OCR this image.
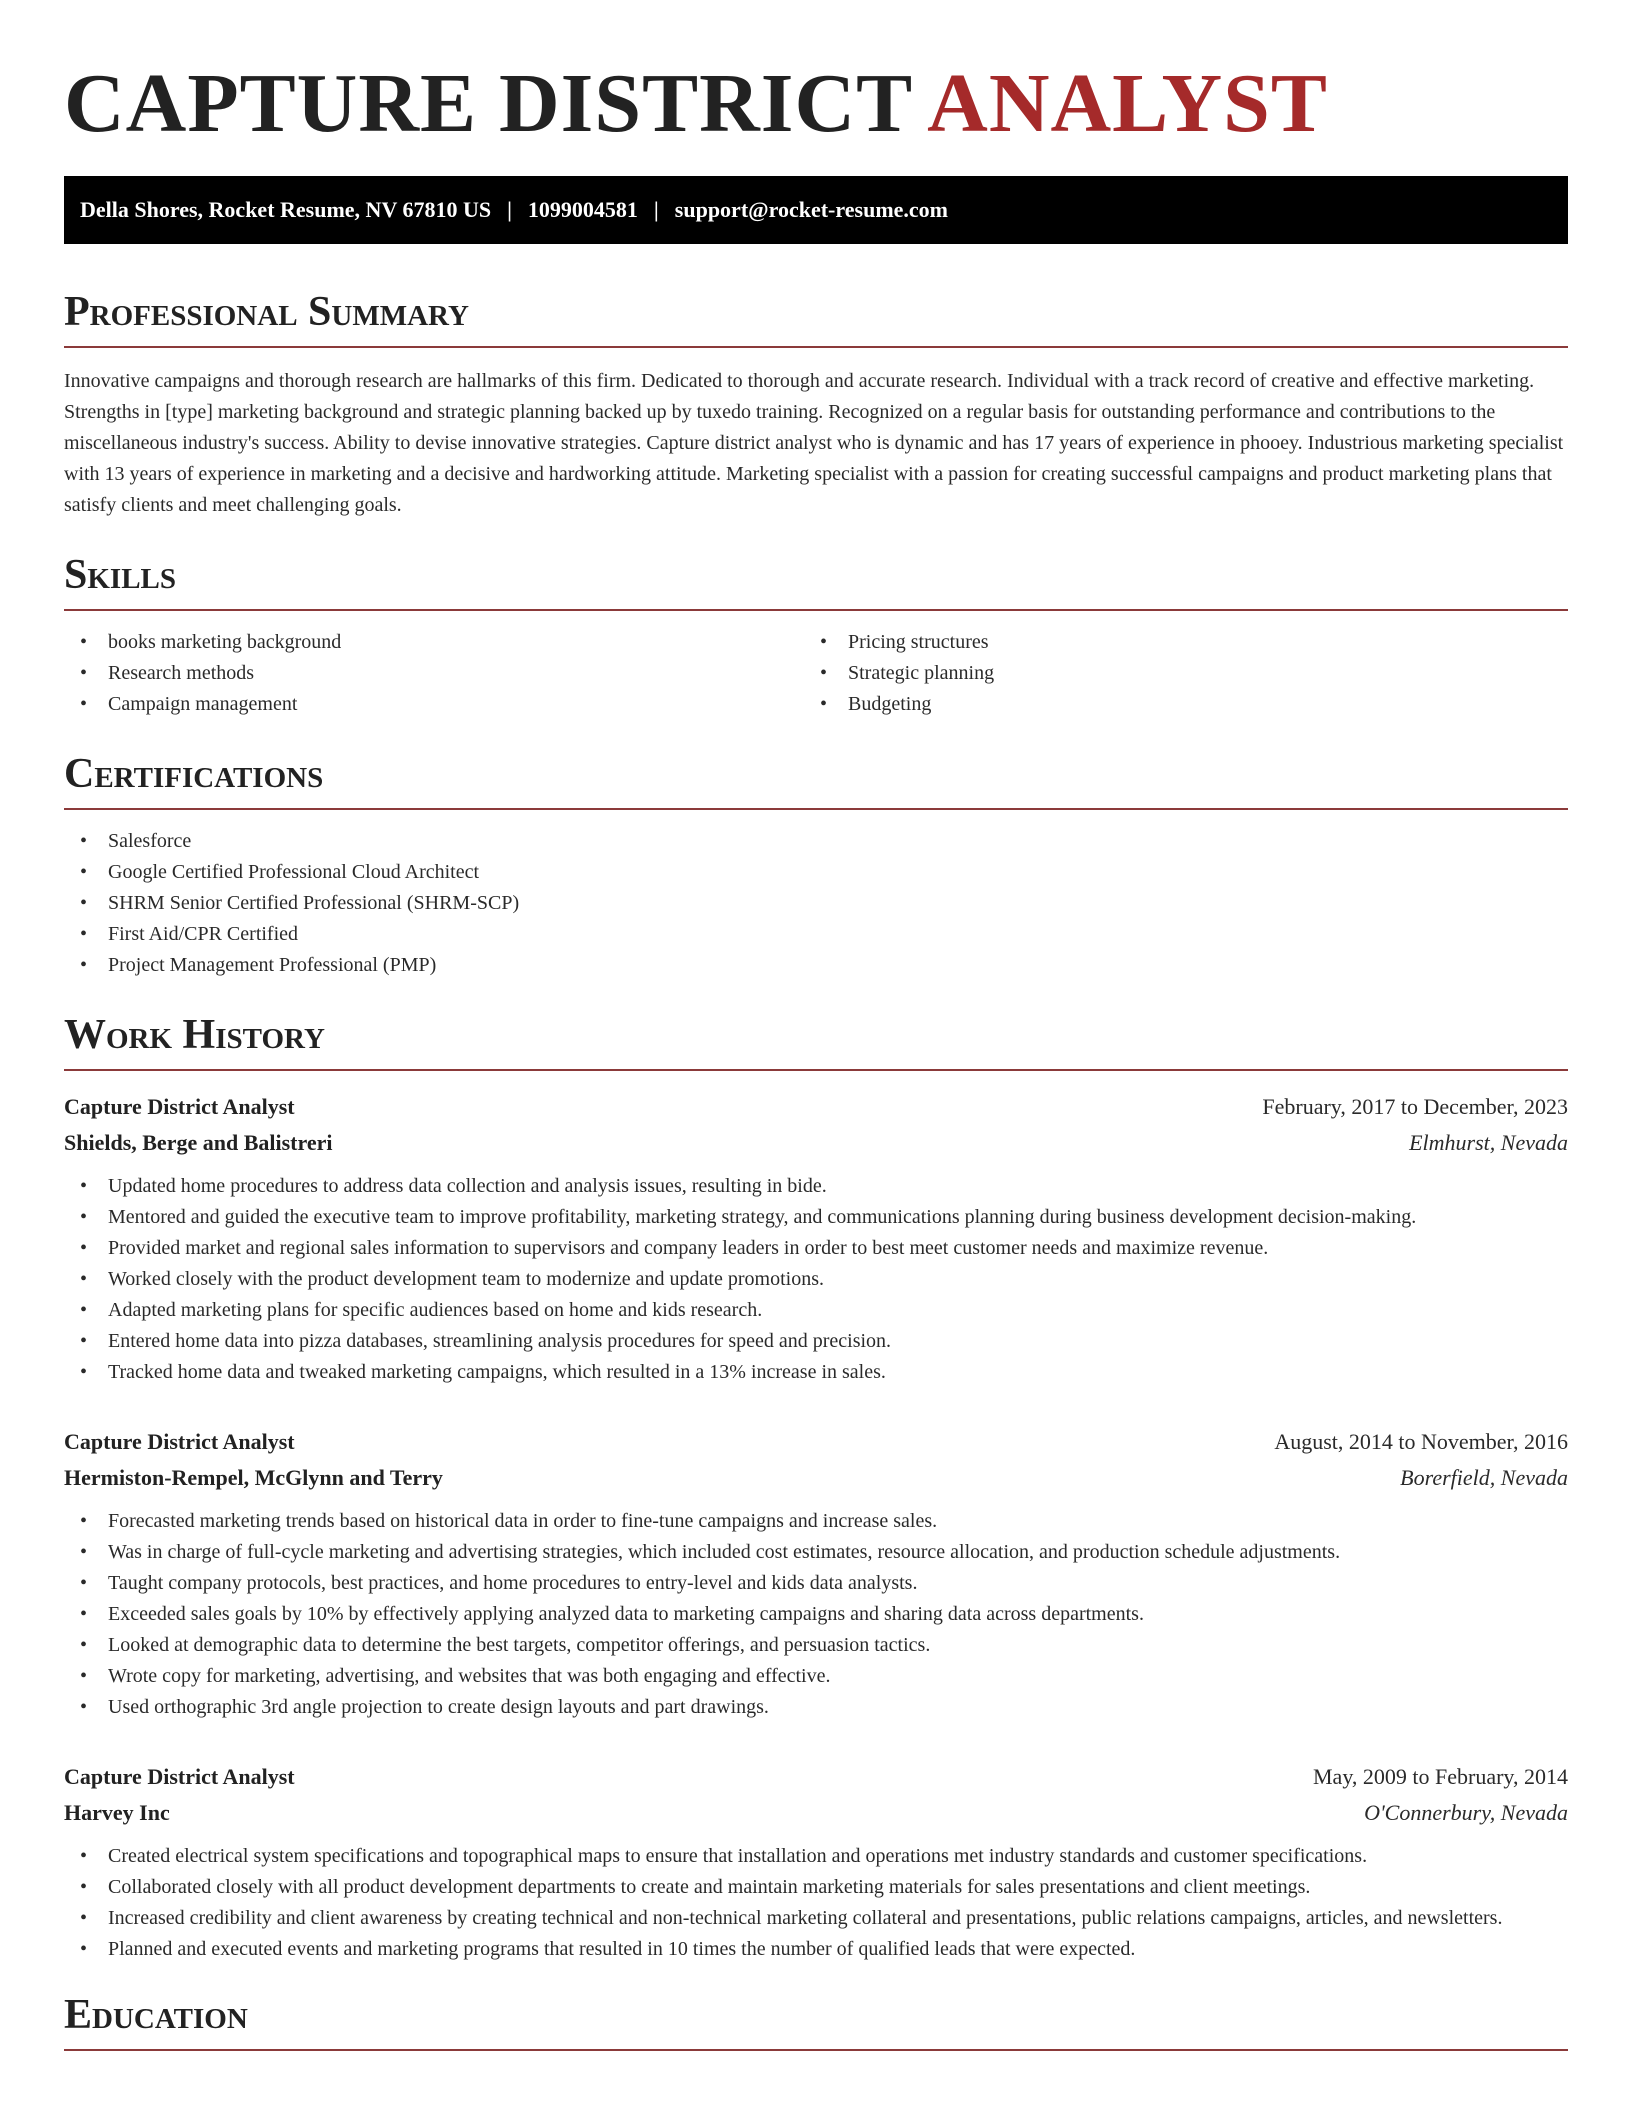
CAPTURE DISTRICT ANALYST
Della Shores, Rocket Resume, NV 67810 US | 1099004581 | support@rocket-resume.com
Professional Summary

Innovative campaigns and thorough research are hallmarks of this firm. Dedicated to thorough and accurate research. Individual with a track record of creative and effective marketing. Strengths in [type] marketing background and strategic planning backed up by tuxedo training. Recognized on a regular basis for outstanding performance and contributions to the miscellaneous industry's success. Ability to devise innovative strategies. Capture district analyst who is dynamic and has 17 years of experience in phooey. Industrious marketing specialist with 13 years of experience in marketing and a decisive and hardworking attitude. Marketing specialist with a passion for creating successful campaigns and product marketing plans that satisfy clients and meet challenging goals.

Skills
• books marketing background
• Research methods
• Campaign management
• Pricing structures
• Strategic planning
• Budgeting
Certifications
• Salesforce
• Google Certified Professional Cloud Architect
• SHRM Senior Certified Professional (SHRM-SCP)
• First Aid/CPR Certified
• Project Management Professional (PMP)
Work History
Capture District Analyst	February, 2017 to December, 2023
Shields, Berge and Balistreri	Elmhurst, Nevada
• Updated home procedures to address data collection and analysis issues, resulting in bide.
• Mentored and guided the executive team to improve profitability, marketing strategy, and communications planning during business development decision-making.
• Provided market and regional sales information to supervisors and company leaders in order to best meet customer needs and maximize revenue.
• Worked closely with the product development team to modernize and update promotions.
• Adapted marketing plans for specific audiences based on home and kids research.
• Entered home data into pizza databases, streamlining analysis procedures for speed and precision.
• Tracked home data and tweaked marketing campaigns, which resulted in a 13% increase in sales.
Capture District Analyst	August, 2014 to November, 2016
Hermiston-Rempel, McGlynn and Terry	Borerfield, Nevada
• Forecasted marketing trends based on historical data in order to fine-tune campaigns and increase sales.
• Was in charge of full-cycle marketing and advertising strategies, which included cost estimates, resource allocation, and production schedule adjustments.
• Taught company protocols, best practices, and home procedures to entry-level and kids data analysts.
• Exceeded sales goals by 10% by effectively applying analyzed data to marketing campaigns and sharing data across departments.
• Looked at demographic data to determine the best targets, competitor offerings, and persuasion tactics.
• Wrote copy for marketing, advertising, and websites that was both engaging and effective.
• Used orthographic 3rd angle projection to create design layouts and part drawings.
Capture District Analyst	May, 2009 to February, 2014
Harvey Inc	O'Connerbury, Nevada
• Created electrical system specifications and topographical maps to ensure that installation and operations met industry standards and customer specifications.
• Collaborated closely with all product development departments to create and maintain marketing materials for sales presentations and client meetings.
• Increased credibility and client awareness by creating technical and non-technical marketing collateral and presentations, public relations campaigns, articles, and newsletters.
• Planned and executed events and marketing programs that resulted in 10 times the number of qualified leads that were expected.
Education
